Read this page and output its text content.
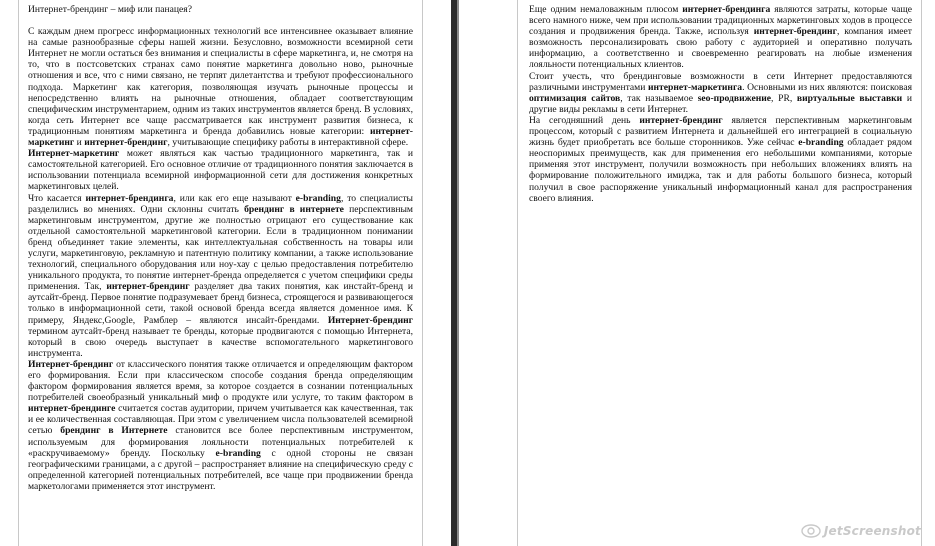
Интернет-брендинг – миф или панацея?

С каждым днем прогресс информационных технологий все интенсивнее оказывает влияние на самые разнообразные сферы нашей жизни. Безусловно, возможности всемирной сети Интернет не могли остаться без внимания и специалисты в сфере маркетинга, и, не смотря на то, что в постсоветских странах само понятие маркетинга довольно ново, рыночные отношения и все, что с ними связано, не терпят дилетантства и требуют профессионального подхода. Маркетинг как категория, позволяющая изучать рыночные процессы и непосредственно влиять на рыночные отношения, обладает соответствующим специфическим инструментарием, одним из таких инструментов является бренд. В условиях, когда сеть Интернет все чаще рассматривается как инструмент развития бизнеса, к традиционным понятиям маркетинга и бренда добавились новые категории: интернет-маркетинг и интернет-брендинг, учитывающие специфику работы в интерактивной сфере.

Интернет-маркетинг может являться как частью традиционного маркетинга, так и самостоятельной категорией. Его основное отличие от традиционного понятия заключается в использовании потенциала всемирной информационной сети для достижения конкретных маркетинговых целей.

Что касается интернет-брендинга, или как его еще называют e-branding, то специалисты разделились во мнениях. Одни склонны считать брендинг в интернете перспективным маркетинговым инструментом, другие же полностью отрицают его существование как отдельной самостоятельной маркетинговой категории. Если в традиционном понимании бренд объединяет такие элементы, как интеллектуальная собственность на товары или услуги, маркетинговую, рекламную и патентную политику компании, а также использование технологий, специального оборудования или ноу-хау с целью предоставления потребителю уникального продукта, то понятие интернет-бренда определяется с учетом специфики среды применения. Так, интернет-брендинг разделяет два таких понятия, как инстайт-бренд и аутсайт-бренд. Первое понятие подразумевает бренд бизнеса, строящегося и развивающегося только в информационной сети, такой основой бренда всегда является доменное имя. К примеру, Яндекс,Google, Рамблер – являются инсайт-брендами. Интернет-брендинг термином аутсайт-бренд называет те бренды, которые продвигаются с помощью Интернета, который в свою очередь выступает в качестве вспомогательного маркетингового инструмента.

Интернет-брендинг от классического понятия также отличается и определяющим фактором его формирования. Если при классическом способе создания бренда определяющим фактором формирования является время, за которое создается в сознании потенциальных потребителей своеобразный уникальный миф о продукте или услуге, то таким фактором в интернет-брендинге считается состав аудитории, причем учитывается как качественная, так и ее количественная составляющая. При этом с увеличением числа пользователей всемирной сетью брендинг в Интернете становится все более перспективным инструментом, используемым для формирования лояльности потенциальных потребителей к «раскручиваемому» бренду. Поскольку e-branding с одной стороны не связан географическими границами, а с другой – распространяет влияние на специфическую среду с определенной категорией потенциальных потребителей, все чаще при продвижении бренда маркетологами применяется этот инструмент.

Еще одним немаловажным плюсом интернет-брендинга являются затраты, которые чаще всего намного ниже, чем при использовании традиционных маркетинговых ходов в процессе создания и продвижения бренда. Также, используя интернет-брендинг, компания имеет возможность персонализировать свою работу с аудиторией и оперативно получать информацию, а соответственно и своевременно реагировать на любые изменения лояльности потенциальных клиентов.

Стоит учесть, что брендинговые возможности в сети Интернет предоставляются различными инструментами интернет-маркетинга. Основными из них являются: поисковая оптимизация сайтов, так называемое seo-продвижение, PR, виртуальные выставки и другие виды рекламы в сети Интернет.

На сегодняшний день интернет-брендинг является перспективным маркетинговым процессом, который с развитием Интернета и дальнейшей его интеграцией в социальную жизнь будет приобретать все больше сторонников. Уже сейчас e-branding обладает рядом неоспоримых преимуществ, как для применения его небольшими компаниями, которые применяя этот инструмент, получили возможность при небольших вложениях влиять на формирование положительного имиджа, так и для работы большого бизнеса, который получил в свое распоряжение уникальный информационный канал для распространения своего влияния.

JetScreenshot
